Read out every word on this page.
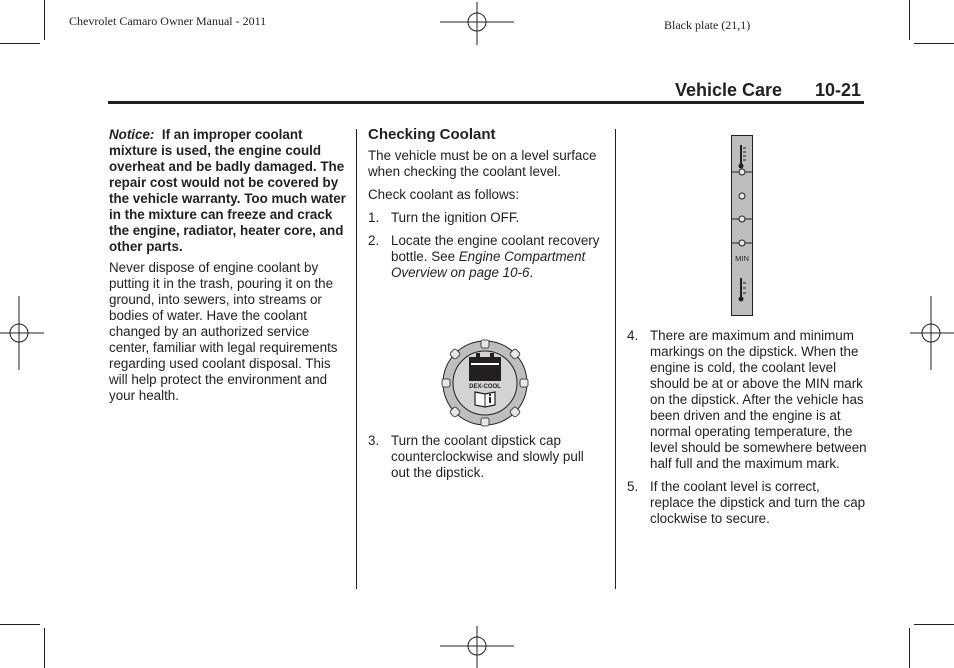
Chevrolet Camaro Owner Manual - 2011	Black plate (21,1)
Vehicle Care 10-21

Notice: If an improper coolant mixture is used, the engine could overheat and be badly damaged. The repair cost would not be covered by the vehicle warranty. Too much water in the mixture can freeze and crack the engine, radiator, heater core, and other parts.

Never dispose of engine coolant by putting it in the trash, pouring it on the ground, into sewers, into streams or bodies of water. Have the coolant changed by an authorized service center, familiar with legal requirements regarding used coolant disposal. This will help protect the environment and your health.

Checking Coolant

The vehicle must be on a level surface when checking the coolant level.

Check coolant as follows:

1. Turn the ignition OFF.
2. Locate the engine coolant recovery bottle. See Engine Compartment Overview on page 10-6.
DEX-COOL
3. Turn the coolant dipstick cap counterclockwise and slowly pull out the dipstick.
MIN
4. There are maximum and minimum markings on the dipstick. When the engine is cold, the coolant level should be at or above the MIN mark on the dipstick. After the vehicle has been driven and the engine is at normal operating temperature, the level should be somewhere between half full and the maximum mark.
5. If the coolant level is correct, replace the dipstick and turn the cap clockwise to secure.
